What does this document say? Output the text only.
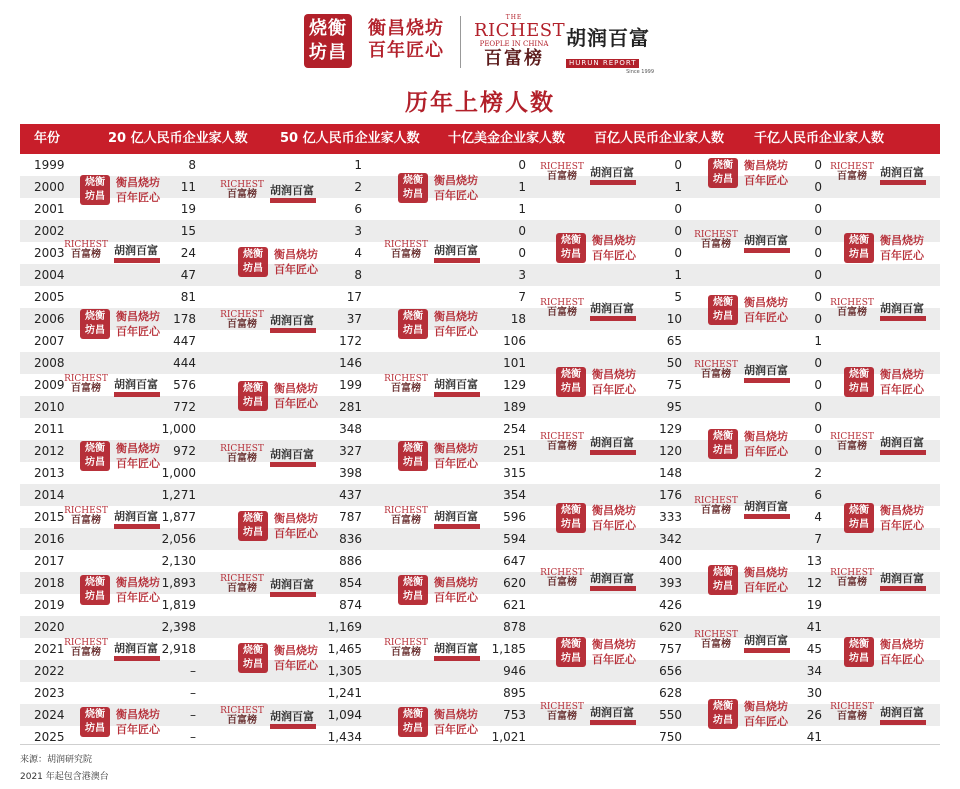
烧衡 坊昌
衡昌烧坊
百年匠心
THE
RICHEST
PEOPLE IN CHINA
百富榜
胡润百富
HURUN REPORT
Since 1999
历年上榜人数
年份	20 亿人民币企业家人数 50 亿人民币企业家人数 十亿美金企业家人数 百亿人民币企业家人数 千亿人民币企业家人数
1999	8	1	0	0	0
2000	11	2	1	1	0
2001	19	6	1	0	0
2002	15	3	0	0	0
2003	24	4	0	0	0
2004	47	8	3	1	0
2005	81	17	7	5	0
2006	178	37	18	10	0
2007	447	172	106	65	1
2008	444	146	101	50	0
2009	576	199	129	75	0
2010	772	281	189	95	0
2011	1,000	348	254	129	0
2012	972	327	251	120	0
2013	1,000	398	315	148	2
2014	1,271	437	354	176	6
2015	1,877	787	596	333	4
2016	2,056	836	594	342	7
2017	2,130	886	647	400	13
2018	1,893	854	620	393	12
2019	1,819	874	621	426	19
2020	2,398	1,169	878	620	41
2021	2,918	1,465	1,185	757	45
2022	–	1,305	946	656	34
2023	–	1,241	895	628	30
2024	–	1,094	753	550	26
2025	–	1,434	1,021	750	41
烧衡 坊昌
衡昌烧坊
百年匠心
RICHEST
百富榜	胡润百富
烧衡 坊昌
衡昌烧坊
百年匠心
RICHEST
百富榜	胡润百富
烧衡 坊昌
衡昌烧坊
百年匠心
RICHEST
百富榜	胡润百富
RICHEST
百富榜	胡润百富	烧衡 坊昌
衡昌烧坊
百年匠心
RICHEST
百富榜	胡润百富
烧衡 坊昌
衡昌烧坊
百年匠心
RICHEST
百富榜	胡润百富	烧衡 坊昌
衡昌烧坊
百年匠心
烧衡 坊昌
衡昌烧坊
百年匠心
RICHEST
百富榜	胡润百富	烧衡 坊昌
衡昌烧坊
百年匠心
RICHEST
百富榜	胡润百富	烧衡 坊昌
衡昌烧坊
百年匠心
RICHEST
百富榜	胡润百富
RICHEST
百富榜	胡润百富	烧衡 坊昌
衡昌烧坊
百年匠心
RICHEST
百富榜	胡润百富
烧衡 坊昌
衡昌烧坊
百年匠心
RICHEST
百富榜	胡润百富	烧衡 坊昌
衡昌烧坊
百年匠心
烧衡 坊昌
衡昌烧坊
百年匠心
RICHEST
百富榜	胡润百富	烧衡 坊昌
衡昌烧坊
百年匠心
RICHEST
百富榜	胡润百富	烧衡 坊昌
衡昌烧坊
百年匠心
RICHEST
百富榜	胡润百富
RICHEST
百富榜	胡润百富	烧衡 坊昌
衡昌烧坊
百年匠心
RICHEST
百富榜	胡润百富	烧衡 坊昌
衡昌烧坊
百年匠心
RICHEST
百富榜	胡润百富	烧衡 坊昌
衡昌烧坊
百年匠心
烧衡 坊昌
衡昌烧坊
百年匠心
RICHEST
百富榜	胡润百富	烧衡 坊昌
衡昌烧坊
百年匠心
RICHEST
百富榜	胡润百富	烧衡 坊昌
衡昌烧坊
百年匠心
RICHEST
百富榜	胡润百富
RICHEST
百富榜	胡润百富	烧衡 坊昌
衡昌烧坊
百年匠心
RICHEST
百富榜	胡润百富	烧衡 坊昌
衡昌烧坊
百年匠心
RICHEST
百富榜	胡润百富	烧衡 坊昌
衡昌烧坊
百年匠心
烧衡 坊昌
衡昌烧坊
百年匠心
RICHEST
百富榜	胡润百富	烧衡 坊昌
衡昌烧坊
百年匠心
RICHEST
百富榜	胡润百富	烧衡 坊昌
衡昌烧坊
百年匠心
RICHEST
百富榜	胡润百富
来源：胡润研究院
2021 年起包含港澳台
